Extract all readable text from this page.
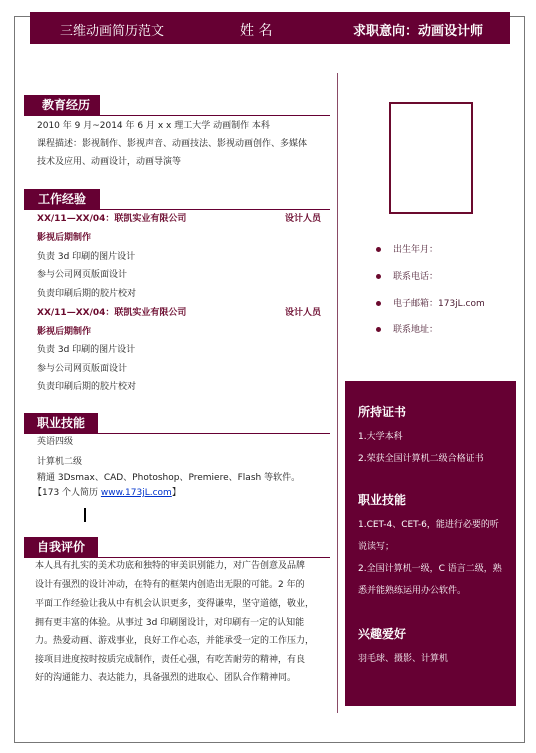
三维动画简历范文	姓 名	求职意向：动画设计师
教育经历
2010 年 9 月~2014 年 6 月 x x 理工大学 动画制作 本科
课程描述：影视制作、影视声音、动画技法、影视动画创作、多媒体
技术及应用、动画设计，动画导演等
工作经验
XX/11—XX/04：联凯实业有限公司	设计人员
影视后期制作
负责 3d 印刷的图片设计
参与公司网页版面设计
负责印刷后期的胶片校对
XX/11—XX/04：联凯实业有限公司	设计人员
影视后期制作
负责 3d 印刷的图片设计
参与公司网页版面设计
负责印刷后期的胶片校对
职业技能
英语四级
计算机二级
精通 3Dsmax、CAD、Photoshop、Premiere、Flash 等软件。
【173 个人简历 www.173jL.com】
自我评价
本人具有扎实的美术功底和独特的审美识别能力，对广告创意及品牌
设计有强烈的设计冲动，在特有的框架内创造出无限的可能。2 年的
平面工作经验让我从中有机会认识更多，变得谦卑，坚守道德，敬业，
拥有更丰富的体验。从事过 3d 印刷图设计，对印刷有一定的认知能
力。热爱动画、游戏事业，良好工作心态，并能承受一定的工作压力，
接项目进度按时按质完成制作，责任心强，有吃苦耐劳的精神，有良
好的沟通能力、表达能力，具备强烈的进取心、团队合作精神同。
出生年月：
联系电话：
电子邮箱：173jL.com
联系地址：
所持证书
1.大学本科
2.荣获全国计算机二级合格证书
职业技能
1.CET-4、CET-6，能进行必要的听
说读写；
2.全国计算机一级，C 语言二级，熟
悉并能熟练运用办公软件。
兴趣爱好
羽毛球、摄影、计算机
